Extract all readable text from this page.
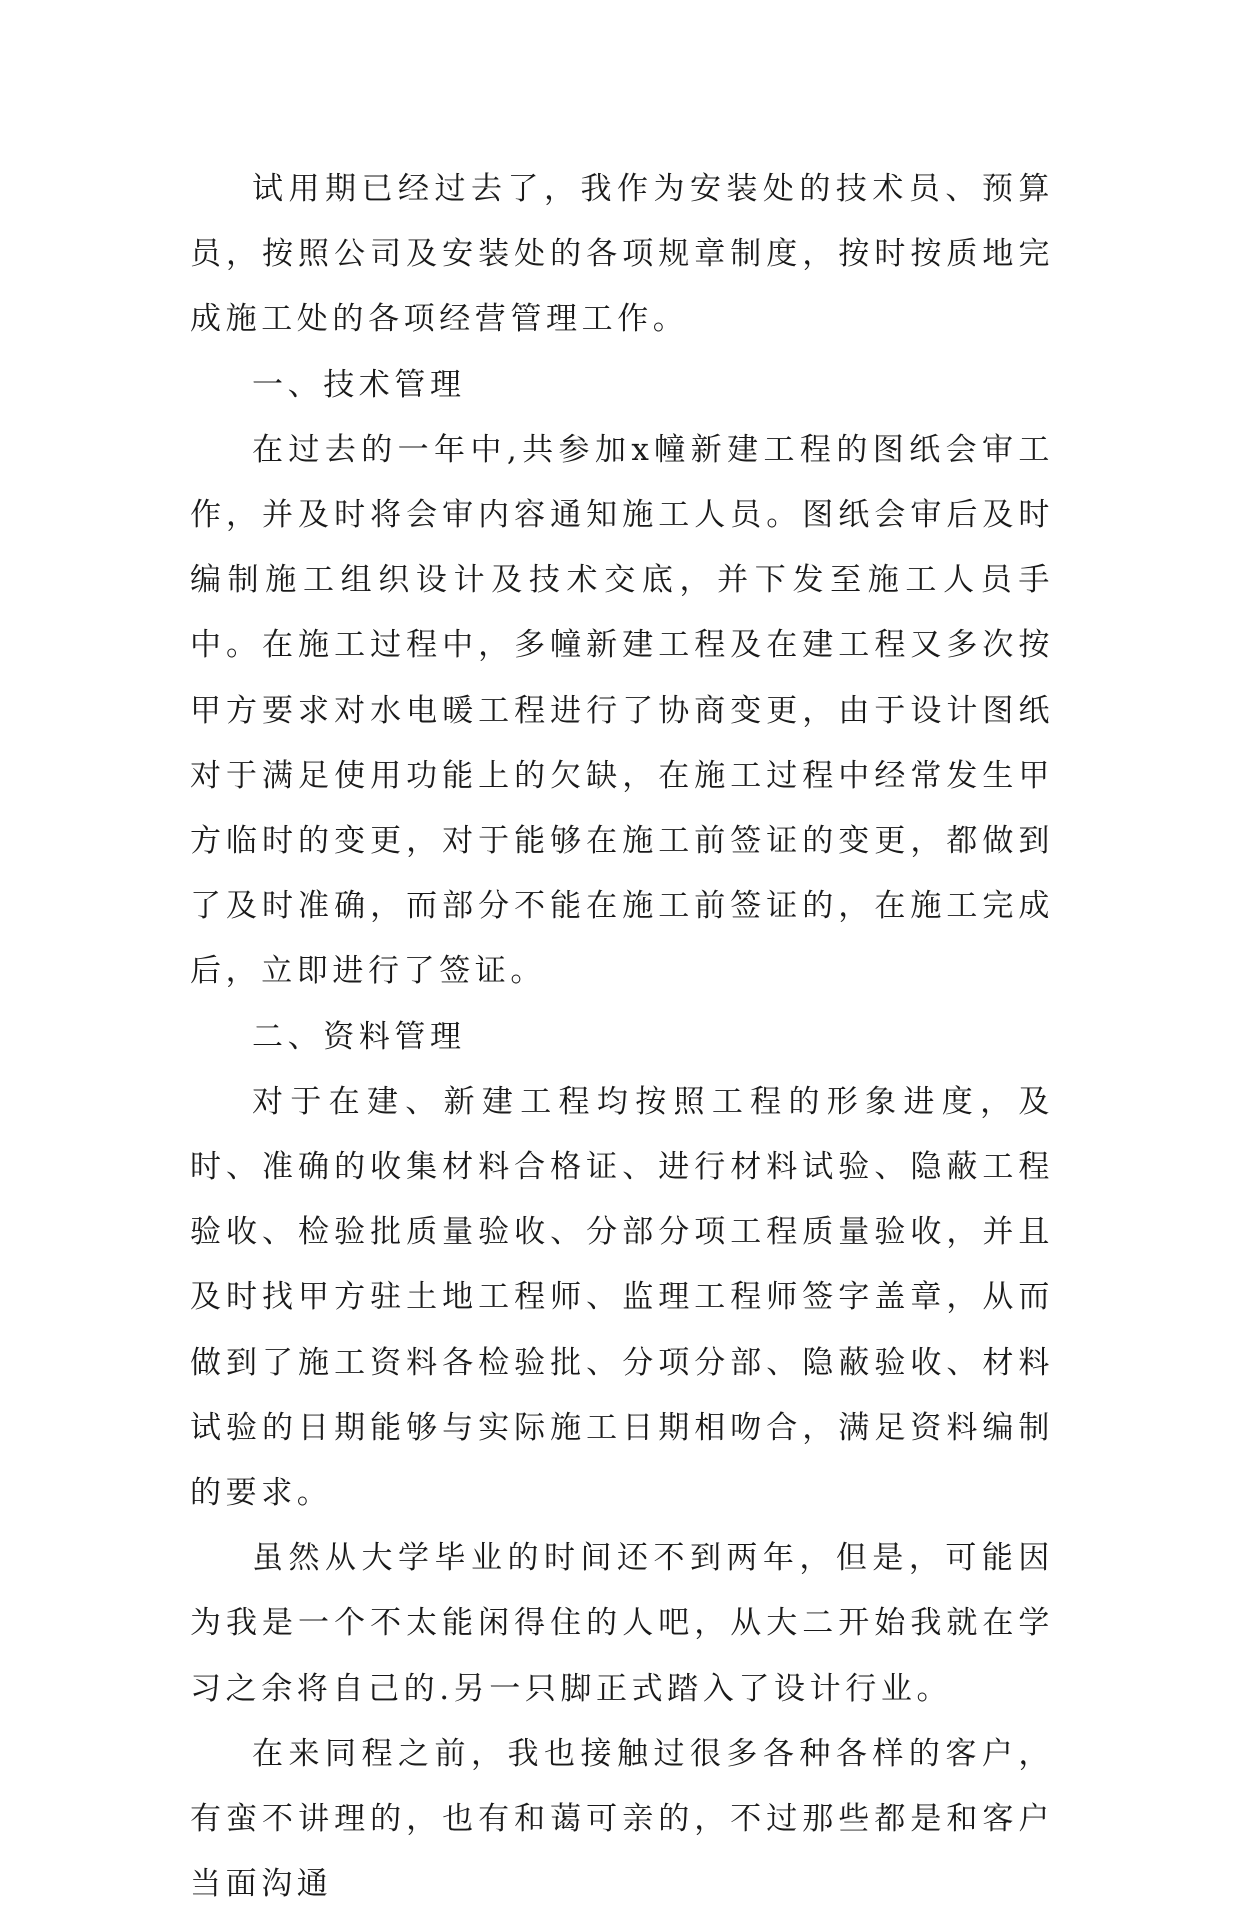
试用期已经过去了，我作为安装处的技术员、预算员，按照公司及安装处的各项规章制度，按时按质地完成施工处的各项经营管理工作。

一、技术管理

在过去的一年中,共参加x幢新建工程的图纸会审工作，并及时将会审内容通知施工人员。图纸会审后及时编制施工组织设计及技术交底，并下发至施工人员手中。在施工过程中，多幢新建工程及在建工程又多次按甲方要求对水电暖工程进行了协商变更，由于设计图纸对于满足使用功能上的欠缺，在施工过程中经常发生甲方临时的变更，对于能够在施工前签证的变更，都做到了及时准确，而部分不能在施工前签证的，在施工完成后，立即进行了签证。

二、资料管理

对于在建、新建工程均按照工程的形象进度，及时、准确的收集材料合格证、进行材料试验、隐蔽工程验收、检验批质量验收、分部分项工程质量验收，并且及时找甲方驻土地工程师、监理工程师签字盖章，从而做到了施工资料各检验批、分项分部、隐蔽验收、材料试验的日期能够与实际施工日期相吻合，满足资料编制的要求。

虽然从大学毕业的时间还不到两年，但是，可能因为我是一个不太能闲得住的人吧，从大二开始我就在学习之余将自己的.另一只脚正式踏入了设计行业。

在来同程之前，我也接触过很多各种各样的客户，有蛮不讲理的，也有和蔼可亲的，不过那些都是和客户当面沟通
